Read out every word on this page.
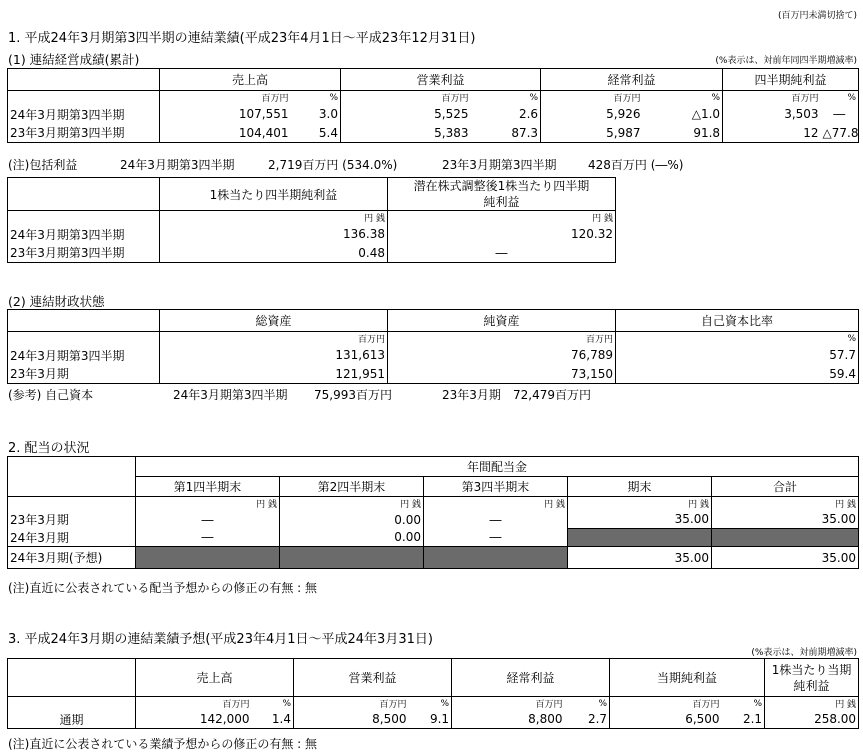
(百万円未満切捨て)
1. 平成24年3月期第3四半期の連結業績(平成23年4月1日～平成23年12月31日)
(1) 連結経営成績(累計)	(%表示は、対前年同四半期増減率)
	売上高		営業利益		経常利益		四半期純利益	
	百万円	%	百万円	%	百万円	%	百万円	%
24年3月期第3四半期	107,551	3.0	5,525	2.6	5,926	△1.0	3,503	―
23年3月期第3四半期	104,401	5.4	5,383	87.3	5,987	91.8	12	△77.8
(注)包括利益	24年3月期第3四半期	2,719百万円 (534.0%)	23年3月期第3四半期	428百万円 (―%)
	1株当たり四半期純利益	潜在株式調整後1株当たり四半期
純利益

	円 銭	円 銭
24年3月期第3四半期	136.38	120.32
23年3月期第3四半期	0.48	―
(2) 連結財政状態
	総資産	純資産	自己資本比率
	百万円	百万円	%
24年3月期第3四半期	131,613	76,789	57.7
23年3月期	121,951	73,150	59.4
(参考) 自己資本	24年3月期第3四半期 75,993百万円	23年3月期 72,479百万円
2. 配当の状況
	年間配当金				
	第1四半期末	第2四半期末	第3四半期末	期末	合計
	円 銭	円 銭	円 銭	円 銭	円 銭
23年3月期	―	0.00	―	35.00	35.00
24年3月期	―	0.00	―		
24年3月期(予想)				35.00	35.00
(注)直近に公表されている配当予想からの修正の有無 : 無
3. 平成24年3月期の連結業績予想(平成23年4月1日～平成24年3月31日)
(%表示は、対前期増減率)
	売上高		営業利益		経常利益		当期純利益		1株当たり当期
純利益

	百万円	%	百万円	%	百万円	%	百万円	%	円 銭
通期	142,000	1.4	8,500	9.1	8,800	2.7	6,500	2.1	258.00
(注)直近に公表されている業績予想からの修正の有無 : 無
